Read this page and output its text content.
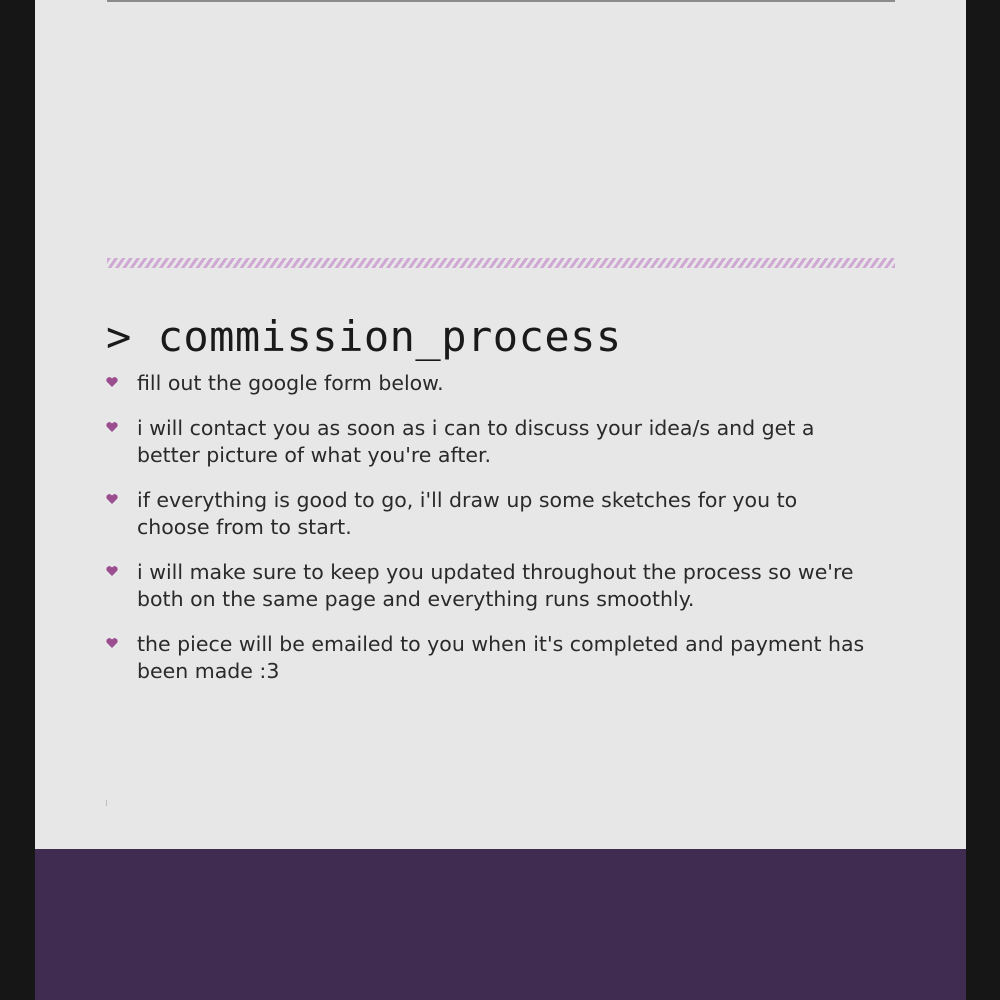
> commission_process
fill out the google form below.
i will contact you as soon as i can to discuss your idea/s and get a better picture of what you're after.
if everything is good to go, i'll draw up some sketches for you to choose from to start.
i will make sure to keep you updated throughout the process so we're both on the same page and everything runs smoothly.
the piece will be emailed to you when it's completed and payment has been made :3
